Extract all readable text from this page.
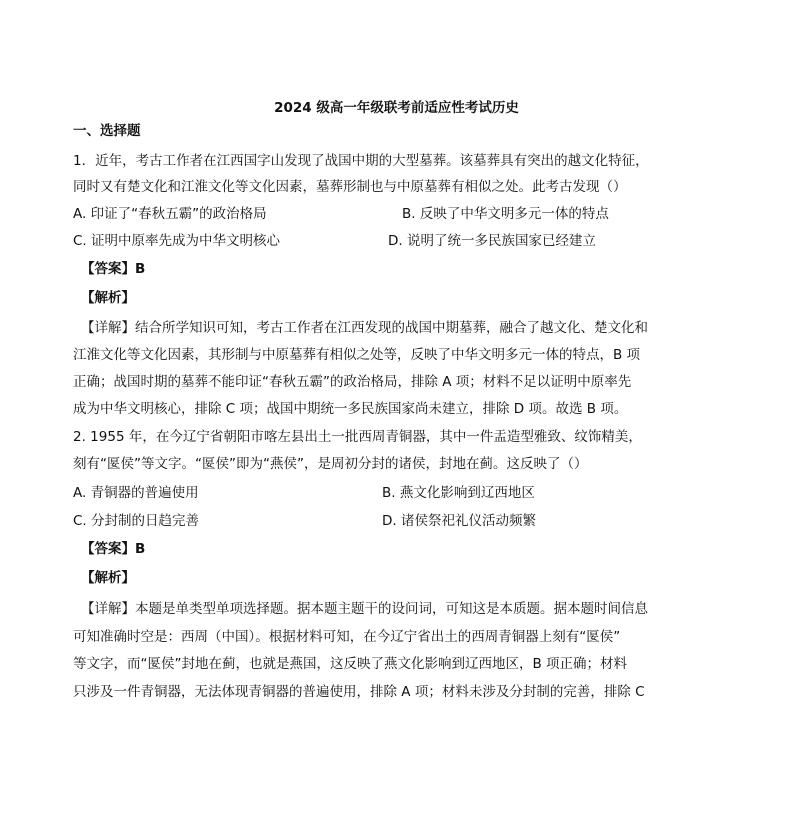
2024 级高一年级联考前适应性考试历史
一、选择题
1．近年，考古工作者在江西国字山发现了战国中期的大型墓葬。该墓葬具有突出的越文化特征，
同时又有楚文化和江淮文化等文化因素，墓葬形制也与中原墓葬有相似之处。此考古发现（）
A. 印证了“春秋五霸”的政治格局	B. 反映了中华文明多元一体的特点
C. 证明中原率先成为中华文明核心	D. 说明了统一多民族国家已经建立
【答案】B
【解析】
【详解】结合所学知识可知，考古工作者在江西发现的战国中期墓葬，融合了越文化、楚文化和
江淮文化等文化因素，其形制与中原墓葬有相似之处等，反映了中华文明多元一体的特点，B 项
正确；战国时期的墓葬不能印证“春秋五霸”的政治格局，排除 A 项；材料不足以证明中原率先
成为中华文明核心，排除 C 项；战国中期统一多民族国家尚未建立，排除 D 项。故选 B 项。
2. 1955 年，在今辽宁省朝阳市喀左县出土一批西周青铜器，其中一件盂造型雅致、纹饰精美，
刻有“匽侯”等文字。“匽侯”即为“燕侯”，是周初分封的诸侯，封地在蓟。这反映了（）
A. 青铜器的普遍使用	B. 燕文化影响到辽西地区
C. 分封制的日趋完善	D. 诸侯祭祀礼仪活动频繁
【答案】B
【解析】
【详解】本题是单类型单项选择题。据本题主题干的设问词，可知这是本质题。据本题时间信息
可知准确时空是：西周（中国）。根据材料可知，在今辽宁省出土的西周青铜器上刻有“匽侯”
等文字，而“匽侯”封地在蓟，也就是燕国，这反映了燕文化影响到辽西地区，B 项正确；材料
只涉及一件青铜器，无法体现青铜器的普遍使用，排除 A 项；材料未涉及分封制的完善，排除 C
